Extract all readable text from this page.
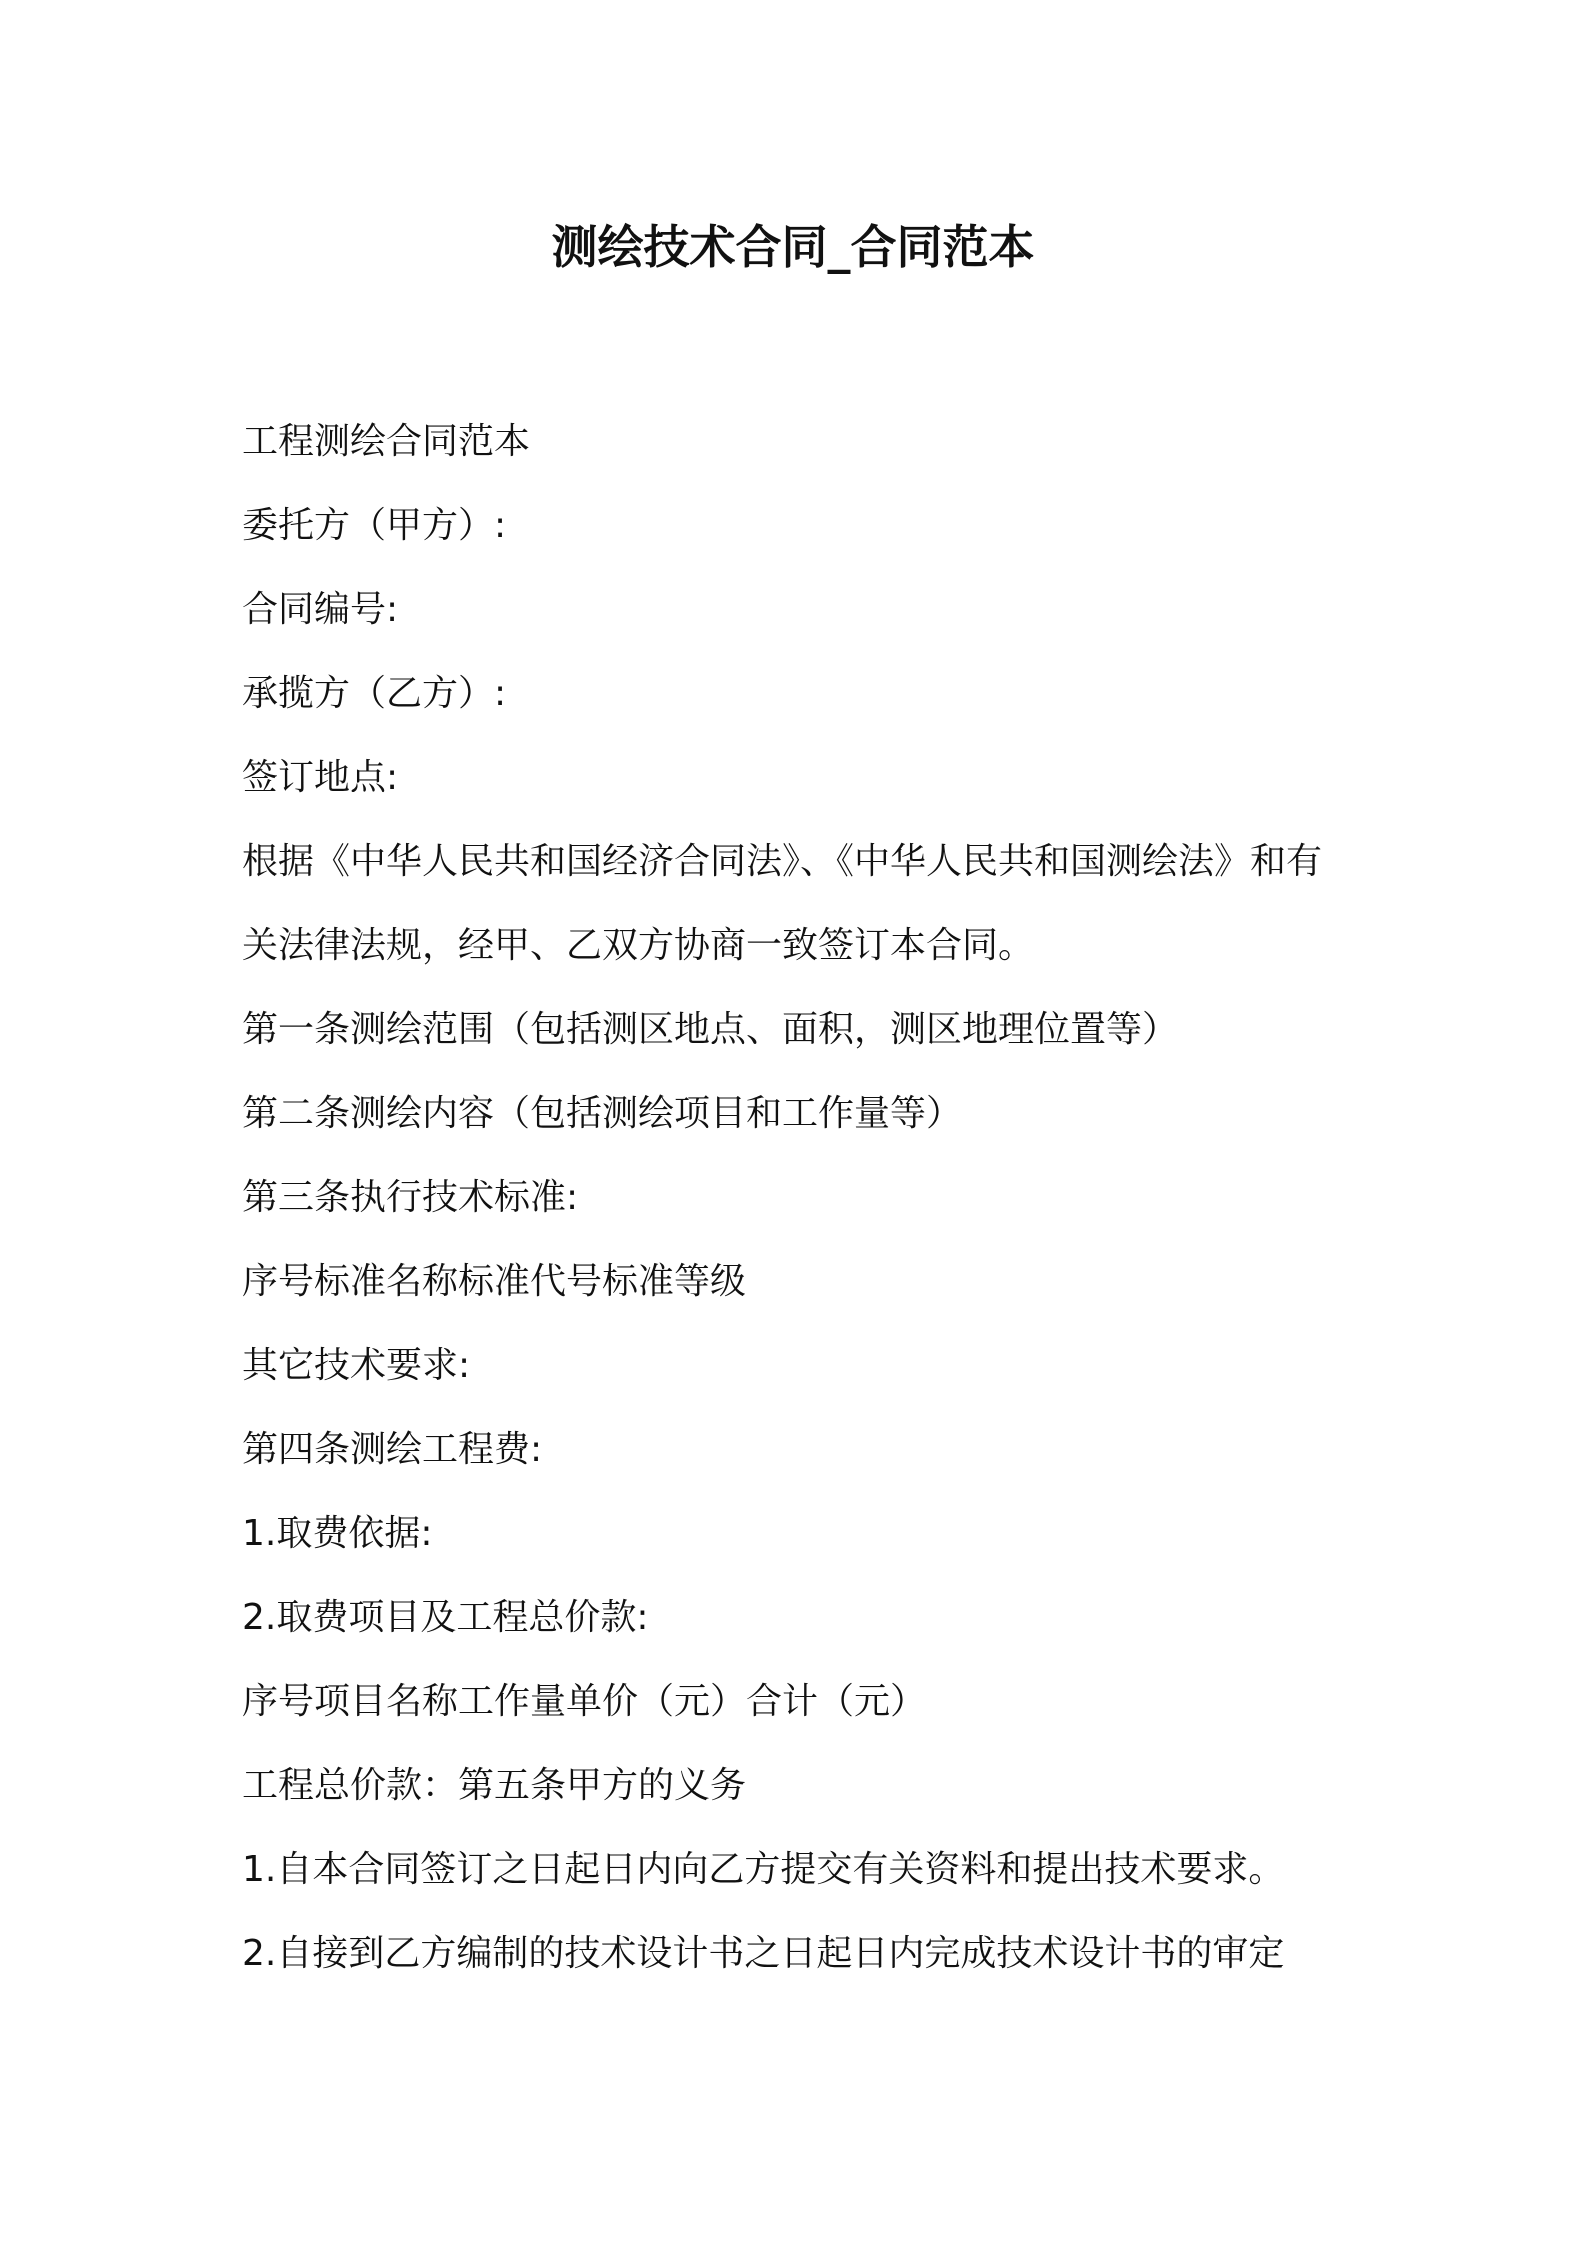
测绘技术合同_合同范本
工程测绘合同范本
委托方（甲方）:
合同编号:
承揽方（乙方）:
签订地点:
根据《中华人民共和国经济合同法》、《中华人民共和国测绘法》和有
关法律法规，经甲、乙双方协商一致签订本合同。
第一条测绘范围（包括测区地点、面积，测区地理位置等）
第二条测绘内容（包括测绘项目和工作量等）
第三条执行技术标准:
序号标准名称标准代号标准等级
其它技术要求:
第四条测绘工程费:
1.取费依据:
2.取费项目及工程总价款:
序号项目名称工作量单价（元）合计（元）
工程总价款：第五条甲方的义务
1.自本合同签订之日起日内向乙方提交有关资料和提出技术要求。
2.自接到乙方编制的技术设计书之日起日内完成技术设计书的审定
